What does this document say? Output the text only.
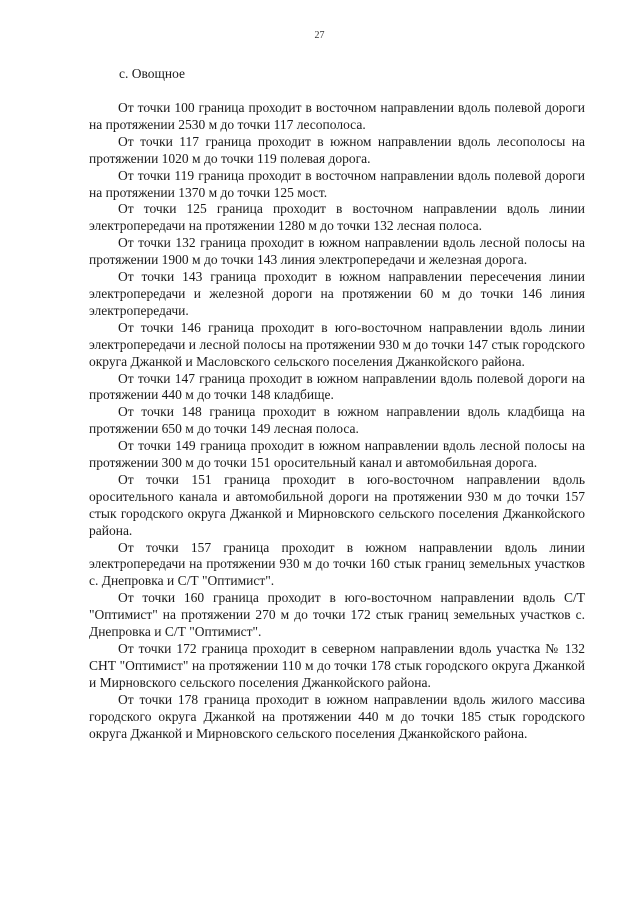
27
с. Овощное

От точки 100 граница проходит в восточном направлении вдоль полевой дороги на протяжении 2530 м до точки 117 лесополоса.

От точки 117 граница проходит в южном направлении вдоль лесополосы на протяжении 1020 м до точки 119 полевая дорога.

От точки 119 граница проходит в восточном направлении вдоль полевой дороги на протяжении 1370 м до точки 125 мост.

От точки 125 граница проходит в восточном направлении вдоль линии электропередачи на протяжении 1280 м до точки 132 лесная полоса.

От точки 132 граница проходит в южном направлении вдоль лесной полосы на протяжении 1900 м до точки 143 линия электропередачи и железная дорога.

От точки 143 граница проходит в южном направлении пересечения линии электропередачи и железной дороги на протяжении 60 м до точки 146 линия электропередачи.

От точки 146 граница проходит в юго-восточном направлении вдоль линии электропередачи и лесной полосы на протяжении 930 м до точки 147 стык городского округа Джанкой и Масловского сельского поселения Джанкойского района.

От точки 147 граница проходит в южном направлении вдоль полевой дороги на протяжении 440 м до точки 148 кладбище.

От точки 148 граница проходит в южном направлении вдоль кладбища на протяжении 650 м до точки 149 лесная полоса.

От точки 149 граница проходит в южном направлении вдоль лесной полосы на протяжении 300 м до точки 151 оросительный канал и автомобильная дорога.

От точки 151 граница проходит в юго-восточном направлении вдоль оросительного канала и автомобильной дороги на протяжении 930 м до точки 157 стык городского округа Джанкой и Мирновского сельского поселения Джанкойского района.

От точки 157 граница проходит в южном направлении вдоль линии электропередачи на протяжении 930 м до точки 160 стык границ земельных участков с. Днепровка и С/Т "Оптимист".

От точки 160 граница проходит в юго-восточном направлении вдоль С/Т "Оптимист" на протяжении 270 м до точки 172 стык границ земельных участков с. Днепровка и С/Т "Оптимист".

От точки 172 граница проходит в северном направлении вдоль участка № 132 СНТ "Оптимист" на протяжении 110 м до точки 178 стык городского округа Джанкой и Мирновского сельского поселения Джанкойского района.

От точки 178 граница проходит в южном направлении вдоль жилого массива городского округа Джанкой на протяжении 440 м до точки 185 стык городского округа Джанкой и Мирновского сельского поселения Джанкойского района.
